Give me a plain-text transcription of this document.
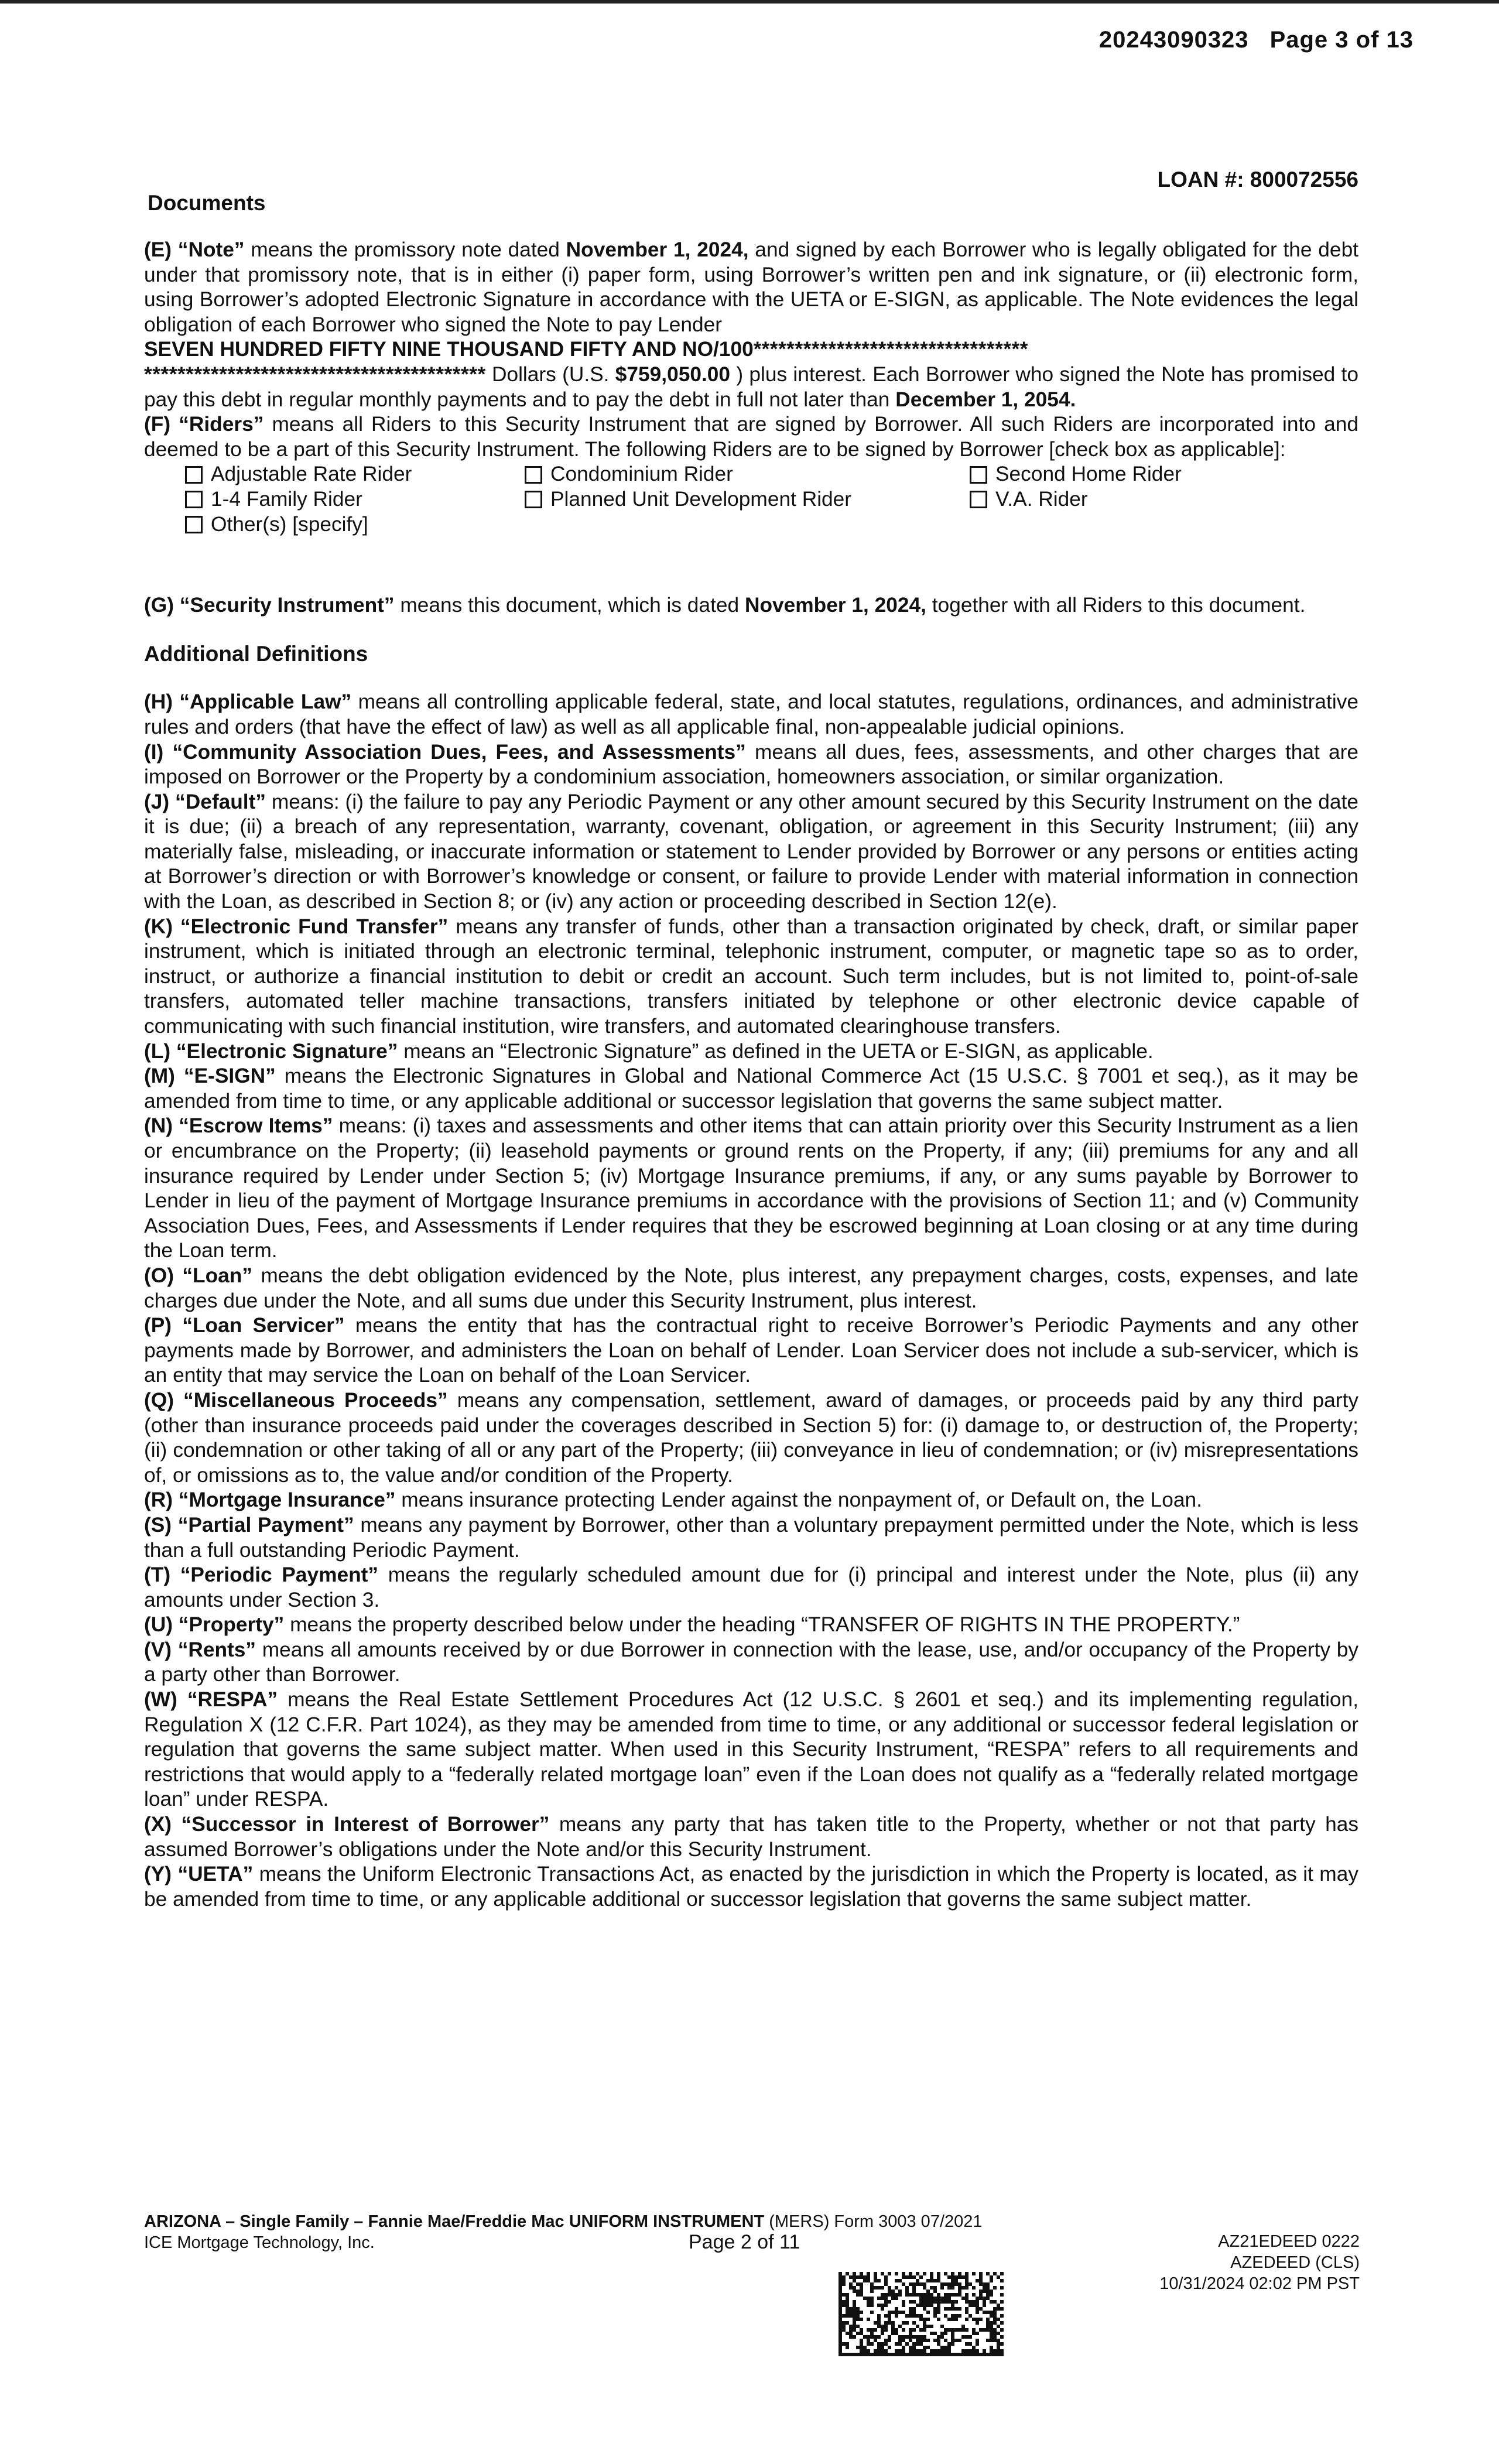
20243090323 Page 3 of 13
LOAN #: 800072556
Documents

(E) “Note” means the promissory note dated November 1, 2024, and signed by each Borrower who is legally obligated for the debt under that promissory note, that is in either (i) paper form, using Borrower’s written pen and ink signature, or (ii) electronic form, using Borrower’s adopted Electronic Signature in accordance with the UETA or E-SIGN, as applicable. The Note evidences the legal obligation of each Borrower who signed the Note to pay Lender
SEVEN HUNDRED FIFTY NINE THOUSAND FIFTY AND NO/100*********************************
***************************************** Dollars (U.S. $759,050.00 ) plus interest. Each Borrower who signed the Note has promised to pay this debt in regular monthly payments and to pay the debt in full not later than December 1, 2054.

(F) “Riders” means all Riders to this Security Instrument that are signed by Borrower. All such Riders are incorporated into and deemed to be a part of this Security Instrument. The following Riders are to be signed by Borrower [check box as applicable]:

Adjustable Rate Rider	Condominium Rider	Second Home Rider
1-4 Family Rider	Planned Unit Development Rider	V.A. Rider
Other(s) [specify]

(G) “Security Instrument” means this document, which is dated November 1, 2024, together with all Riders to this document.

Additional Definitions

(H) “Applicable Law” means all controlling applicable federal, state, and local statutes, regulations, ordinances, and administrative rules and orders (that have the effect of law) as well as all applicable final, non-appealable judicial opinions.

(I) “Community Association Dues, Fees, and Assessments” means all dues, fees, assessments, and other charges that are imposed on Borrower or the Property by a condominium association, homeowners association, or similar organization.

(J) “Default” means: (i) the failure to pay any Periodic Payment or any other amount secured by this Security Instrument on the date it is due; (ii) a breach of any representation, warranty, covenant, obligation, or agreement in this Security Instrument; (iii) any materially false, misleading, or inaccurate information or statement to Lender provided by Borrower or any persons or entities acting at Borrower’s direction or with Borrower’s knowledge or consent, or failure to provide Lender with material information in connection with the Loan, as described in Section 8; or (iv) any action or proceeding described in Section 12(e).

(K) “Electronic Fund Transfer” means any transfer of funds, other than a transaction originated by check, draft, or similar paper instrument, which is initiated through an electronic terminal, telephonic instrument, computer, or magnetic tape so as to order, instruct, or authorize a financial institution to debit or credit an account. Such term includes, but is not limited to, point-of-sale transfers, automated teller machine transactions, transfers initiated by telephone or other electronic device capable of communicating with such financial institution, wire transfers, and automated clearinghouse transfers.

(L) “Electronic Signature” means an “Electronic Signature” as defined in the UETA or E-SIGN, as applicable.

(M) “E-SIGN” means the Electronic Signatures in Global and National Commerce Act (15 U.S.C. § 7001 et seq.), as it may be amended from time to time, or any applicable additional or successor legislation that governs the same subject matter.

(N) “Escrow Items” means: (i) taxes and assessments and other items that can attain priority over this Security Instrument as a lien or encumbrance on the Property; (ii) leasehold payments or ground rents on the Property, if any; (iii) premiums for any and all insurance required by Lender under Section 5; (iv) Mortgage Insurance premiums, if any, or any sums payable by Borrower to Lender in lieu of the payment of Mortgage Insurance premiums in accordance with the provisions of Section 11; and (v) Community Association Dues, Fees, and Assessments if Lender requires that they be escrowed beginning at Loan closing or at any time during the Loan term.

(O) “Loan” means the debt obligation evidenced by the Note, plus interest, any prepayment charges, costs, expenses, and late charges due under the Note, and all sums due under this Security Instrument, plus interest.

(P) “Loan Servicer” means the entity that has the contractual right to receive Borrower’s Periodic Payments and any other payments made by Borrower, and administers the Loan on behalf of Lender. Loan Servicer does not include a sub-servicer, which is an entity that may service the Loan on behalf of the Loan Servicer.

(Q) “Miscellaneous Proceeds” means any compensation, settlement, award of damages, or proceeds paid by any third party (other than insurance proceeds paid under the coverages described in Section 5) for: (i) damage to, or destruction of, the Property; (ii) condemnation or other taking of all or any part of the Property; (iii) conveyance in lieu of condemnation; or (iv) misrepresentations of, or omissions as to, the value and/or condition of the Property.

(R) “Mortgage Insurance” means insurance protecting Lender against the nonpayment of, or Default on, the Loan.

(S) “Partial Payment” means any payment by Borrower, other than a voluntary prepayment permitted under the Note, which is less than a full outstanding Periodic Payment.

(T) “Periodic Payment” means the regularly scheduled amount due for (i) principal and interest under the Note, plus (ii) any amounts under Section 3.

(U) “Property” means the property described below under the heading “TRANSFER OF RIGHTS IN THE PROPERTY.”

(V) “Rents” means all amounts received by or due Borrower in connection with the lease, use, and/or occupancy of the Property by a party other than Borrower.

(W) “RESPA” means the Real Estate Settlement Procedures Act (12 U.S.C. § 2601 et seq.) and its implementing regulation, Regulation X (12 C.F.R. Part 1024), as they may be amended from time to time, or any additional or successor federal legislation or regulation that governs the same subject matter. When used in this Security Instrument, “RESPA” refers to all requirements and restrictions that would apply to a “federally related mortgage loan” even if the Loan does not qualify as a “federally related mortgage loan” under RESPA.

(X) “Successor in Interest of Borrower” means any party that has taken title to the Property, whether or not that party has assumed Borrower’s obligations under the Note and/or this Security Instrument.

(Y) “UETA” means the Uniform Electronic Transactions Act, as enacted by the jurisdiction in which the Property is located, as it may be amended from time to time, or any applicable additional or successor legislation that governs the same subject matter.

ARIZONA – Single Family – Fannie Mae/Freddie Mac UNIFORM INSTRUMENT (MERS) Form 3003 07/2021
ICE Mortgage Technology, Inc.	Page 2 of 11	AZ21EDEED 0222
AZEDEED (CLS)
10/31/2024 02:02 PM PST
